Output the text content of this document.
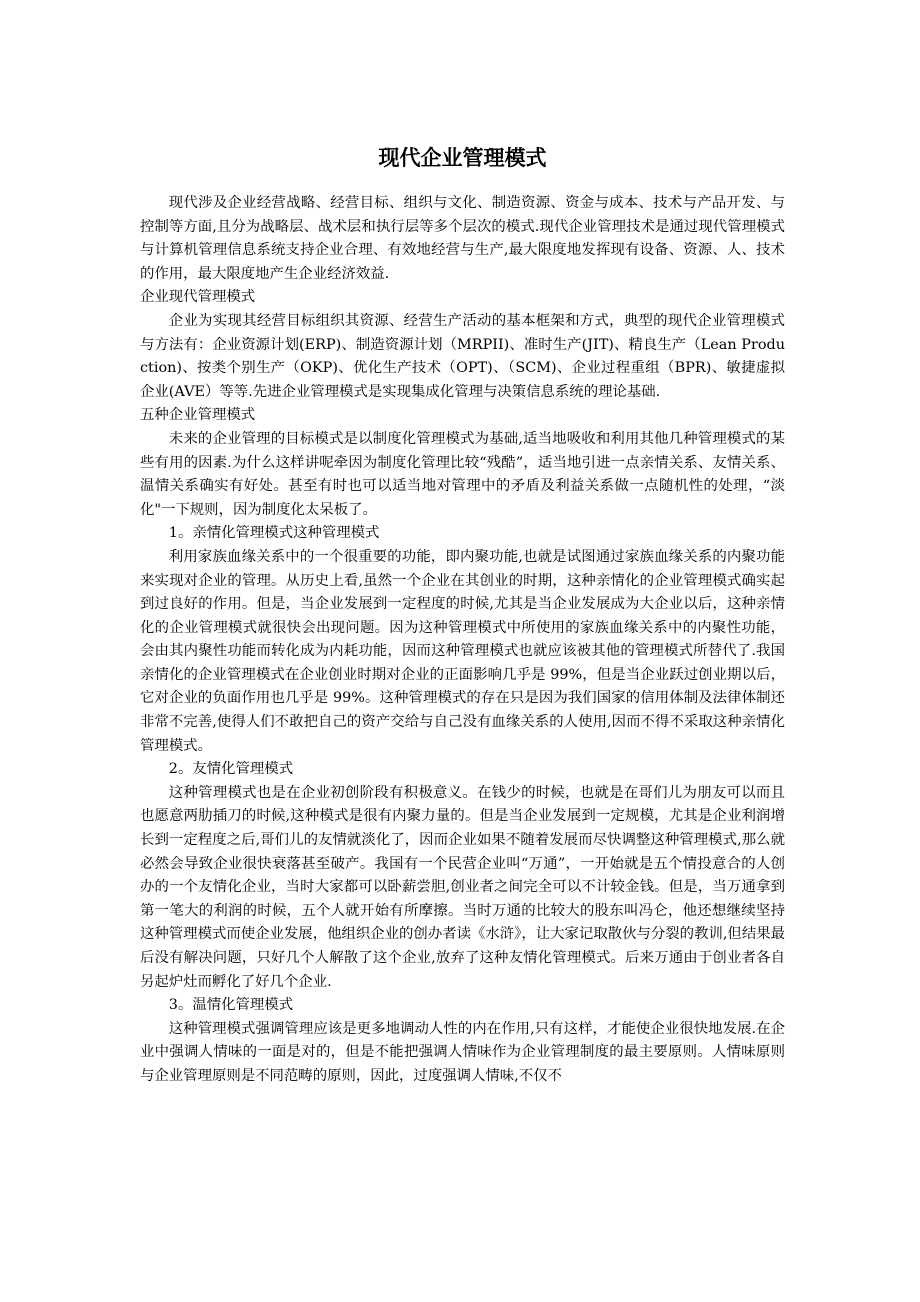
现代企业管理模式

现代涉及企业经营战略、经营目标、组织与文化、制造资源、资金与成本、技术与产品开发、与控制等方面,且分为战略层、战术层和执行层等多个层次的模式.现代企业管理技术是通过现代管理模式与计算机管理信息系统支持企业合理、有效地经营与生产,最大限度地发挥现有设备、资源、人、技术的作用，最大限度地产生企业经济效益.

企业现代管理模式

企业为实现其经营目标组织其资源、经营生产活动的基本框架和方式，典型的现代企业管理模式与方法有：企业资源计划(ERP)、制造资源计划（MRPII)、准时生产(JIT)、精良生产（Lean Production)、按类个别生产（OKP)、优化生产技术（OPT)、（SCM)、企业过程重组（BPR)、敏捷虚拟企业(AVE）等等.先进企业管理模式是实现集成化管理与决策信息系统的理论基础.

五种企业管理模式

未来的企业管理的目标模式是以制度化管理模式为基础,适当地吸收和利用其他几种管理模式的某些有用的因素.为什么这样讲呢牵因为制度化管理比较“残酷”，适当地引进一点亲情关系、友情关系、温情关系确实有好处。甚至有时也可以适当地对管理中的矛盾及利益关系做一点随机性的处理，“淡化"一下规则，因为制度化太呆板了。

1。亲情化管理模式这种管理模式

利用家族血缘关系中的一个很重要的功能，即内聚功能,也就是试图通过家族血缘关系的内聚功能来实现对企业的管理。从历史上看,虽然一个企业在其创业的时期，这种亲情化的企业管理模式确实起到过良好的作用。但是，当企业发展到一定程度的时候,尤其是当企业发展成为大企业以后，这种亲情化的企业管理模式就很快会出现问题。因为这种管理模式中所使用的家族血缘关系中的内聚性功能，会由其内聚性功能而转化成为内耗功能，因而这种管理模式也就应该被其他的管理模式所替代了.我国亲情化的企业管理模式在企业创业时期对企业的正面影响几乎是 99%，但是当企业跃过创业期以后，它对企业的负面作用也几乎是 99%。这种管理模式的存在只是因为我们国家的信用体制及法律体制还非常不完善,使得人们不敢把自己的资产交给与自己没有血缘关系的人使用,因而不得不采取这种亲情化管理模式。

2。友情化管理模式

这种管理模式也是在企业初创阶段有积极意义。在钱少的时候，也就是在哥们儿为朋友可以而且也愿意两肋插刀的时候,这种模式是很有内聚力量的。但是当企业发展到一定规模，尤其是企业利润增长到一定程度之后,哥们儿的友情就淡化了，因而企业如果不随着发展而尽快调整这种管理模式,那么就必然会导致企业很快衰落甚至破产。我国有一个民营企业叫“万通”，一开始就是五个情投意合的人创办的一个友情化企业，当时大家都可以卧薪尝胆,创业者之间完全可以不计较金钱。但是，当万通拿到第一笔大的利润的时候，五个人就开始有所摩擦。当时万通的比较大的股东叫冯仑，他还想继续坚持这种管理模式而使企业发展，他组织企业的创办者读《水浒》，让大家记取散伙与分裂的教训,但结果最后没有解决问题，只好几个人解散了这个企业,放弃了这种友情化管理模式。后来万通由于创业者各自另起炉灶而孵化了好几个企业.

3。温情化管理模式

这种管理模式强调管理应该是更多地调动人性的内在作用,只有这样，才能使企业很快地发展.在企业中强调人情味的一面是对的，但是不能把强调人情味作为企业管理制度的最主要原则。人情味原则与企业管理原则是不同范畴的原则，因此，过度强调人情味,不仅不
